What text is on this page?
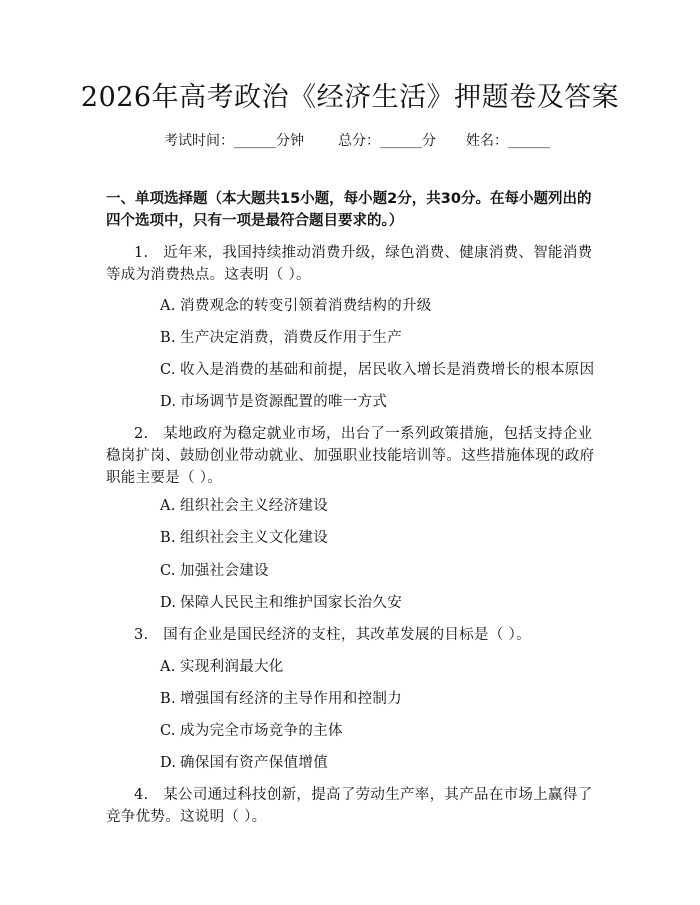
2026年高考政治《经济生活》押题卷及答案
考试时间：______分钟 总分：______分 姓名：______
一、单项选择题（本大题共15小题，每小题2分，共30分。在每小题列出的四个选项中，只有一项是最符合题目要求的。）
1.　近年来，我国持续推动消费升级，绿色消费、健康消费、智能消费等成为消费热点。这表明（ ）。
A. 消费观念的转变引领着消费结构的升级
B. 生产决定消费，消费反作用于生产
C. 收入是消费的基础和前提，居民收入增长是消费增长的根本原因
D. 市场调节是资源配置的唯一方式
2.　某地政府为稳定就业市场，出台了一系列政策措施，包括支持企业稳岗扩岗、鼓励创业带动就业、加强职业技能培训等。这些措施体现的政府职能主要是（ ）。
A. 组织社会主义经济建设
B. 组织社会主义文化建设
C. 加强社会建设
D. 保障人民民主和维护国家长治久安
3.　国有企业是国民经济的支柱，其改革发展的目标是（ ）。
A. 实现利润最大化
B. 增强国有经济的主导作用和控制力
C. 成为完全市场竞争的主体
D. 确保国有资产保值增值
4.　某公司通过科技创新，提高了劳动生产率，其产品在市场上赢得了竞争优势。这说明（ ）。
